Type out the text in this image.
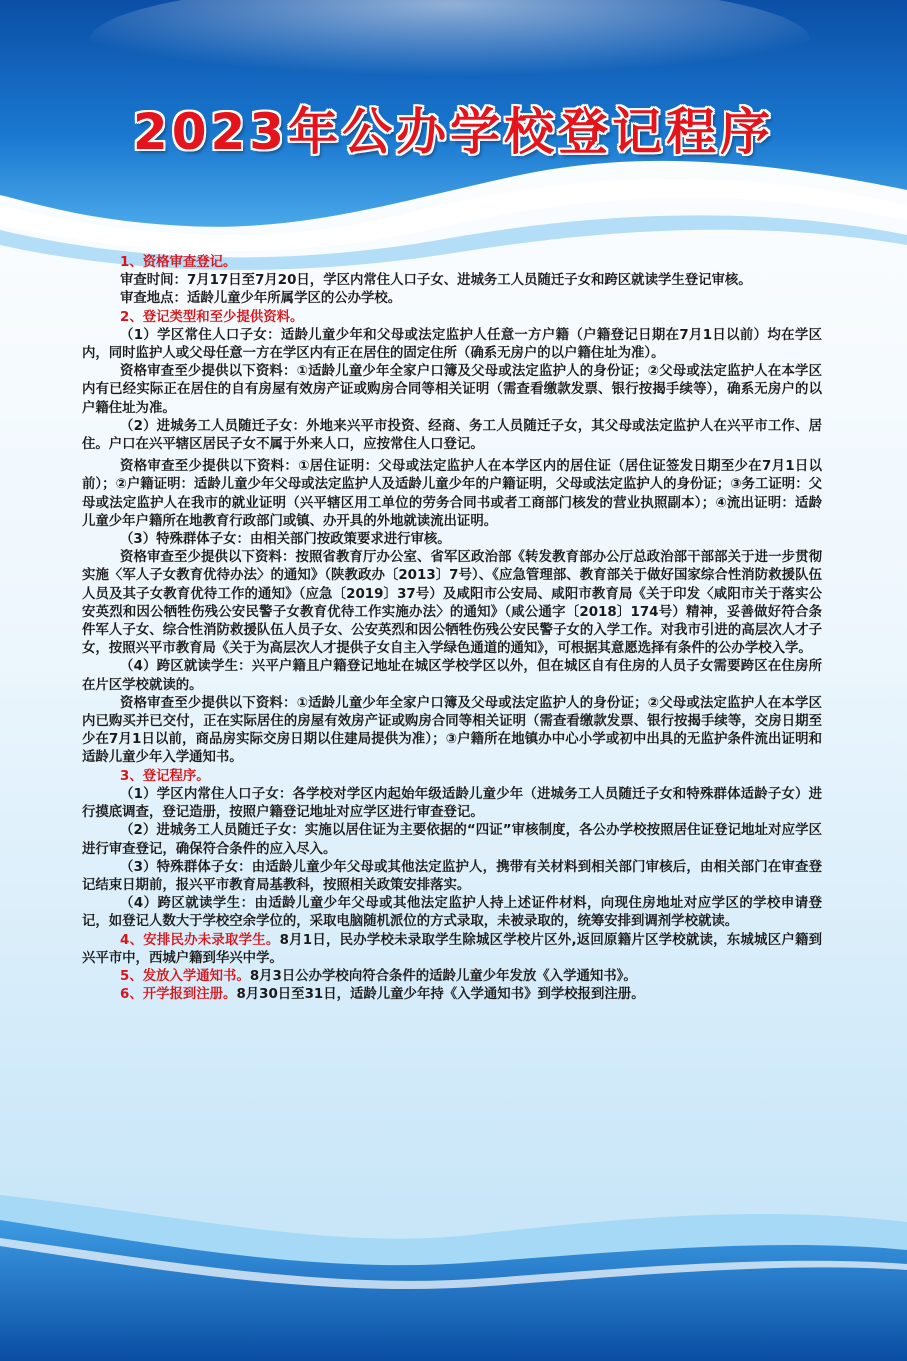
2023年公办学校登记程序

1、资格审查登记。

审查时间：7月17日至7月20日，学区内常住人口子女、进城务工人员随迁子女和跨区就读学生登记审核。

审查地点：适龄儿童少年所属学区的公办学校。

2、登记类型和至少提供资料。

（1）学区常住人口子女：适龄儿童少年和父母或法定监护人任意一方户籍（户籍登记日期在7月1日以前）均在学区内，同时监护人或父母任意一方在学区内有正在居住的固定住所（确系无房户的以户籍住址为准）。

资格审查至少提供以下资料：①适龄儿童少年全家户口簿及父母或法定监护人的身份证；②父母或法定监护人在本学区内有已经实际正在居住的自有房屋有效房产证或购房合同等相关证明（需查看缴款发票、银行按揭手续等），确系无房户的以户籍住址为准。

（2）进城务工人员随迁子女：外地来兴平市投资、经商、务工人员随迁子女，其父母或法定监护人在兴平市工作、居住。户口在兴平辖区居民子女不属于外来人口，应按常住人口登记。

资格审查至少提供以下资料：①居住证明：父母或法定监护人在本学区内的居住证（居住证签发日期至少在7月1日以前）；②户籍证明：适龄儿童少年父母或法定监护人及适龄儿童少年的户籍证明，父母或法定监护人的身份证；③务工证明：父母或法定监护人在我市的就业证明（兴平辖区用工单位的劳务合同书或者工商部门核发的营业执照副本）；④流出证明：适龄儿童少年户籍所在地教育行政部门或镇、办开具的外地就读流出证明。

（3）特殊群体子女：由相关部门按政策要求进行审核。

资格审查至少提供以下资料：按照省教育厅办公室、省军区政治部《转发教育部办公厅总政治部干部部关于进一步贯彻实施〈军人子女教育优待办法〉的通知》（陕教政办〔2013〕7号）、《应急管理部、教育部关于做好国家综合性消防救援队伍人员及其子女教育优待工作的通知》（应急〔2019〕37号）及咸阳市公安局、咸阳市教育局《关于印发〈咸阳市关于落实公安英烈和因公牺牲伤残公安民警子女教育优待工作实施办法〉的通知》（咸公通字〔2018〕174号）精神，妥善做好符合条件军人子女、综合性消防救援队伍人员子女、公安英烈和因公牺牲伤残公安民警子女的入学工作。对我市引进的高层次人才子女，按照兴平市教育局《关于为高层次人才提供子女自主入学绿色通道的通知》，可根据其意愿选择有条件的公办学校入学。

（4）跨区就读学生：兴平户籍且户籍登记地址在城区学校学区以外，但在城区自有住房的人员子女需要跨区在住房所在片区学校就读的。

资格审查至少提供以下资料：①适龄儿童少年全家户口簿及父母或法定监护人的身份证；②父母或法定监护人在本学区内已购买并已交付，正在实际居住的房屋有效房产证或购房合同等相关证明（需查看缴款发票、银行按揭手续等，交房日期至少在7月1日以前，商品房实际交房日期以住建局提供为准）；③户籍所在地镇办中心小学或初中出具的无监护条件流出证明和适龄儿童少年入学通知书。

3、登记程序。

（1）学区内常住人口子女：各学校对学区内起始年级适龄儿童少年（进城务工人员随迁子女和特殊群体适龄子女）进行摸底调查，登记造册，按照户籍登记地址对应学区进行审查登记。

（2）进城务工人员随迁子女：实施以居住证为主要依据的“四证”审核制度，各公办学校按照居住证登记地址对应学区进行审查登记，确保符合条件的应入尽入。

（3）特殊群体子女：由适龄儿童少年父母或其他法定监护人，携带有关材料到相关部门审核后，由相关部门在审查登记结束日期前，报兴平市教育局基教科，按照相关政策安排落实。

（4）跨区就读学生：由适龄儿童少年父母或其他法定监护人持上述证件材料，向现住房地址对应学区的学校申请登记，如登记人数大于学校空余学位的，采取电脑随机派位的方式录取，未被录取的，统筹安排到调剂学校就读。

4、安排民办未录取学生。8月1日，民办学校未录取学生除城区学校片区外,返回原籍片区学校就读，东城城区户籍到兴平市中，西城户籍到华兴中学。

5、发放入学通知书。8月3日公办学校向符合条件的适龄儿童少年发放《入学通知书》。

6、开学报到注册。8月30日至31日，适龄儿童少年持《入学通知书》到学校报到注册。
